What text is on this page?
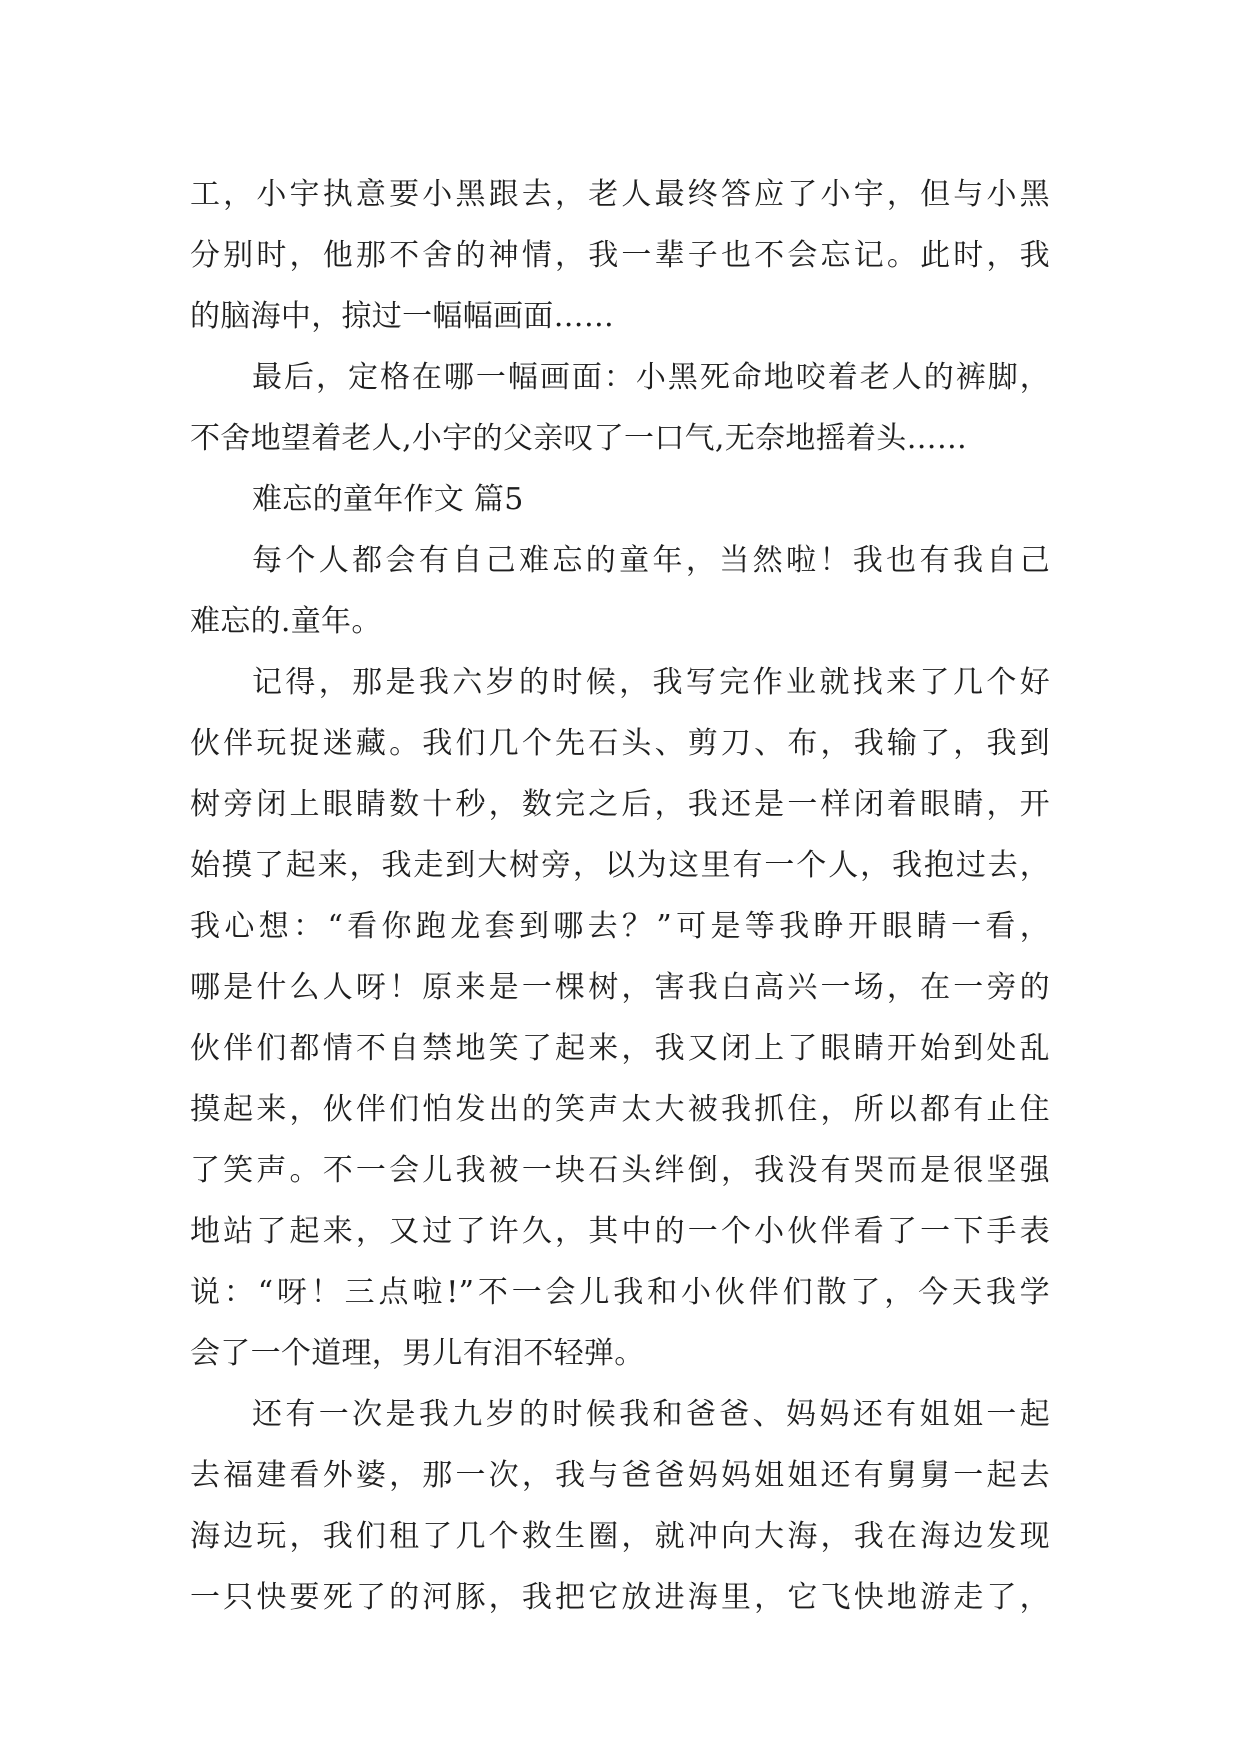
工，小宇执意要小黑跟去，老人最终答应了小宇，但与小黑
分别时，他那不舍的神情，我一辈子也不会忘记。此时，我
的脑海中，掠过一幅幅画面……
最后，定格在哪一幅画面：小黑死命地咬着老人的裤脚，
不舍地望着老人,小宇的父亲叹了一口气,无奈地摇着头……
难忘的童年作文 篇5
每个人都会有自己难忘的童年，当然啦！我也有我自己
难忘的.童年。
记得，那是我六岁的时候，我写完作业就找来了几个好
伙伴玩捉迷藏。我们几个先石头、剪刀、布，我输了，我到
树旁闭上眼睛数十秒，数完之后，我还是一样闭着眼睛，开
始摸了起来，我走到大树旁，以为这里有一个人，我抱过去，
我心想：“看你跑龙套到哪去？”可是等我睁开眼睛一看，
哪是什么人呀！原来是一棵树，害我白高兴一场，在一旁的
伙伴们都情不自禁地笑了起来，我又闭上了眼睛开始到处乱
摸起来，伙伴们怕发出的笑声太大被我抓住，所以都有止住
了笑声。不一会儿我被一块石头绊倒，我没有哭而是很坚强
地站了起来，又过了许久，其中的一个小伙伴看了一下手表
说：“呀！三点啦!”不一会儿我和小伙伴们散了，今天我学
会了一个道理，男儿有泪不轻弹。
还有一次是我九岁的时候我和爸爸、妈妈还有姐姐一起
去福建看外婆，那一次，我与爸爸妈妈姐姐还有舅舅一起去
海边玩，我们租了几个救生圈，就冲向大海，我在海边发现
一只快要死了的河豚，我把它放进海里，它飞快地游走了，
